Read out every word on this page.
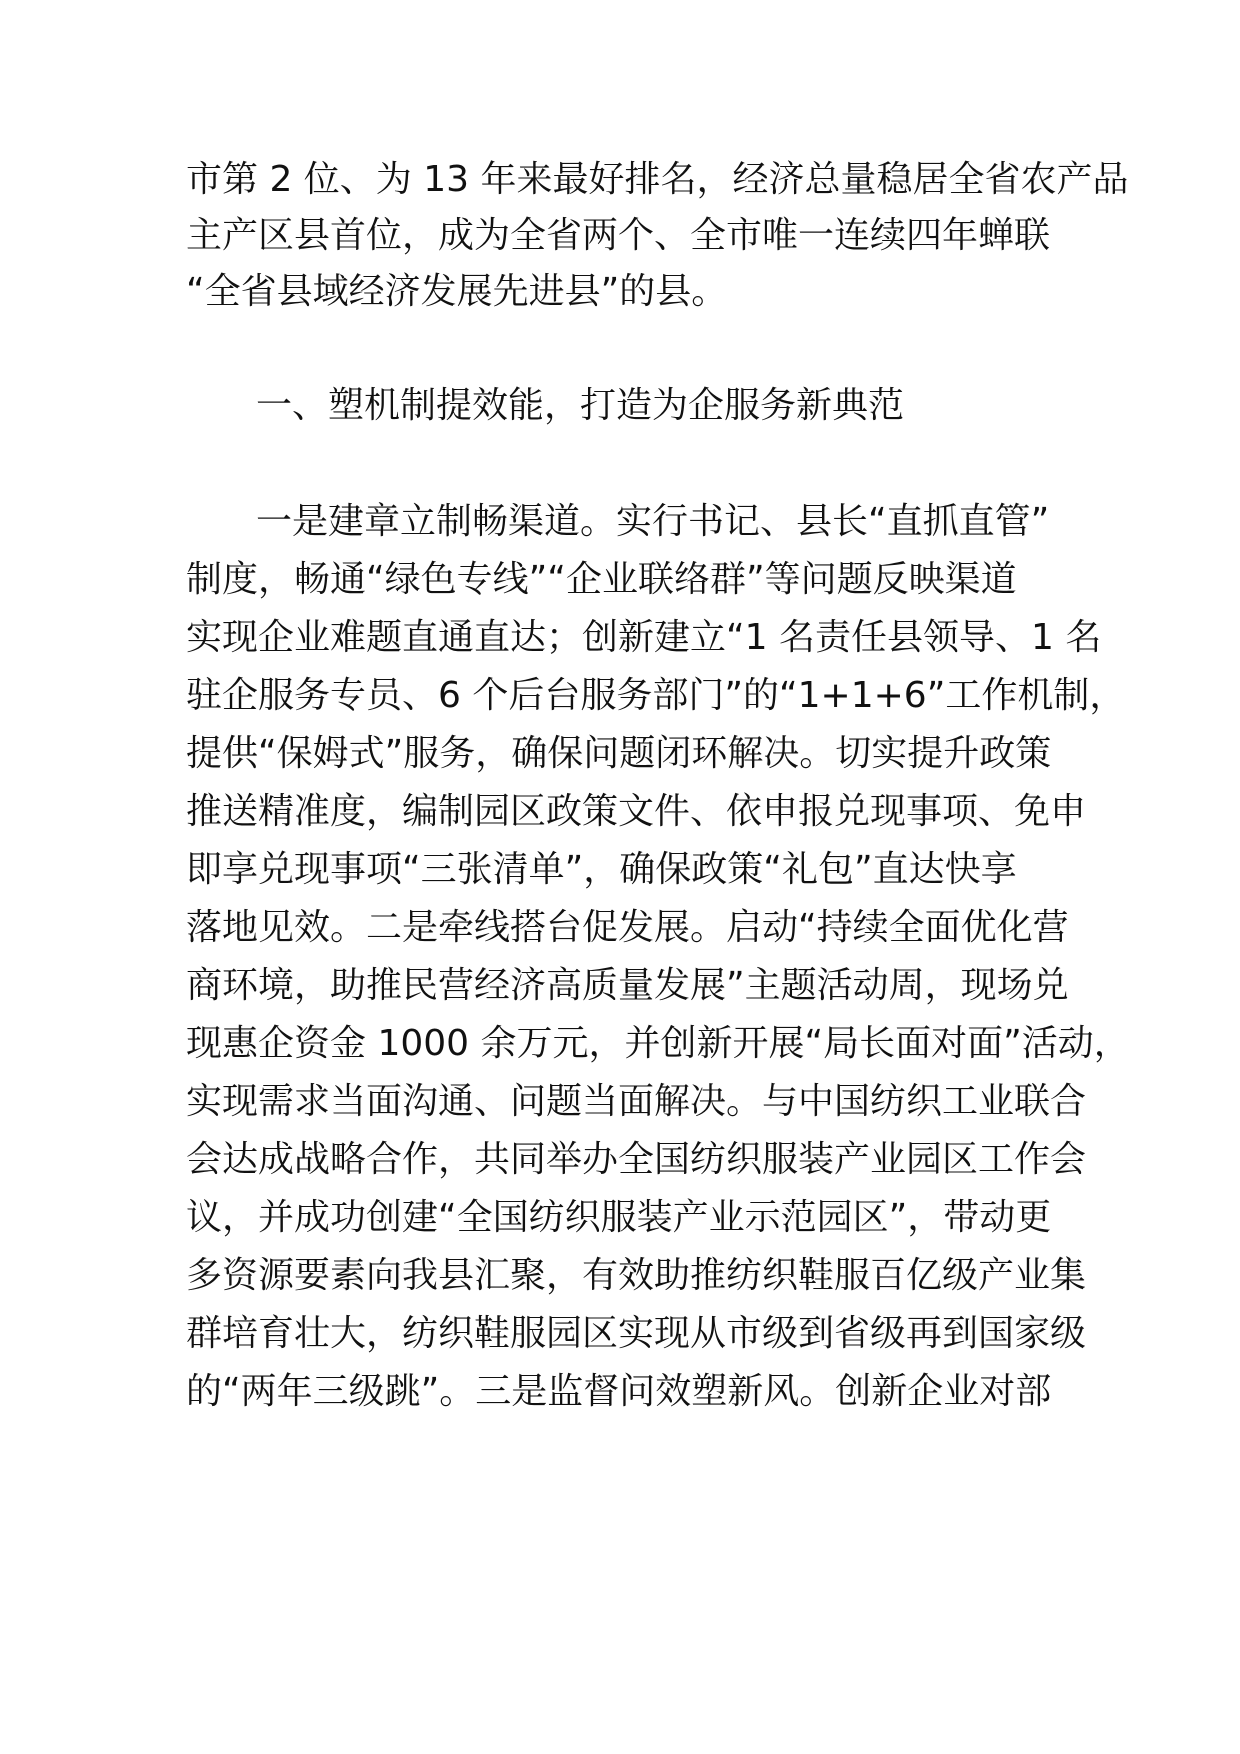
市第 2 位、为 13 年来最好排名，经济总量稳居全省农产品
主产区县首位，成为全省两个、全市唯一连续四年蝉联
“全省县域经济发展先进县”的县。
一、塑机制提效能，打造为企服务新典范
一是建章立制畅渠道。实行书记、县长“直抓直管”
制度，畅通“绿色专线”“企业联络群”等问题反映渠道
实现企业难题直通直达；创新建立“1 名责任县领导、1 名
驻企服务专员、6 个后台服务部门”的“1+1+6”工作机制，
提供“保姆式”服务，确保问题闭环解决。切实提升政策
推送精准度，编制园区政策文件、依申报兑现事项、免申
即享兑现事项“三张清单”，确保政策“礼包”直达快享
落地见效。二是牵线搭台促发展。启动“持续全面优化营
商环境，助推民营经济高质量发展”主题活动周，现场兑
现惠企资金 1000 余万元，并创新开展“局长面对面”活动，
实现需求当面沟通、问题当面解决。与中国纺织工业联合
会达成战略合作，共同举办全国纺织服装产业园区工作会
议，并成功创建“全国纺织服装产业示范园区”，带动更
多资源要素向我县汇聚，有效助推纺织鞋服百亿级产业集
群培育壮大，纺织鞋服园区实现从市级到省级再到国家级
的“两年三级跳”。三是监督问效塑新风。创新企业对部
